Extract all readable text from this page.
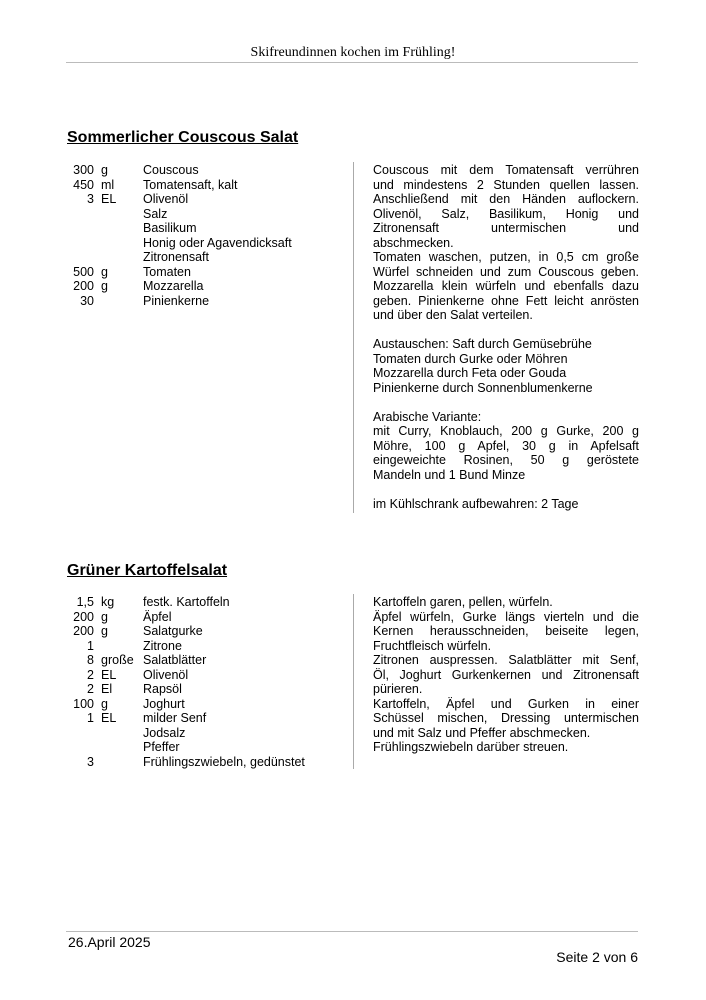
Skifreundinnen kochen im Frühling!
Sommerlicher Couscous Salat
300 g	Couscous
450 ml Tomatensaft, kalt
3 EL Olivenöl
Salz
Basilikum
Honig oder Agavendicksaft
Zitronensaft
500 g	Tomaten
200 g	Mozzarella
30	Pinienkerne
Couscous mit dem Tomatensaft verrühren
und mindestens 2 Stunden quellen lassen.
Anschließend mit den Händen auflockern.
Olivenöl, Salz, Basilikum, Honig und
Zitronensaft untermischen und
abschmecken.
Tomaten waschen, putzen, in 0,5 cm große
Würfel schneiden und zum Couscous geben.
Mozzarella klein würfeln und ebenfalls dazu
geben. Pinienkerne ohne Fett leicht anrösten
und über den Salat verteilen.
Austauschen: Saft durch Gemüsebrühe
Tomaten durch Gurke oder Möhren
Mozzarella durch Feta oder Gouda
Pinienkerne durch Sonnenblumenkerne
Arabische Variante:
mit Curry, Knoblauch, 200 g Gurke, 200 g
Möhre, 100 g Apfel, 30 g in Apfelsaft
eingeweichte Rosinen, 50 g geröstete
Mandeln und 1 Bund Minze
im Kühlschrank aufbewahren: 2 Tage
Grüner Kartoffelsalat
1,5 kg festk. Kartoffeln
200 g	Äpfel
200 g	Salatgurke
1	Zitrone
8 große Salatblätter
2 EL Olivenöl
2 El Rapsöl
100 g	Joghurt
1 EL milder Senf
Jodsalz
Pfeffer
3	Frühlingszwiebeln, gedünstet
Kartoffeln garen, pellen, würfeln.
Äpfel würfeln, Gurke längs vierteln und die
Kernen herausschneiden, beiseite legen,
Fruchtfleisch würfeln.
Zitronen auspressen. Salatblätter mit Senf,
Öl, Joghurt Gurkenkernen und Zitronensaft
pürieren.
Kartoffeln, Äpfel und Gurken in einer
Schüssel mischen, Dressing untermischen
und mit Salz und Pfeffer abschmecken.
Frühlingszwiebeln darüber streuen.
26.April 2025
Seite 2 von 6
